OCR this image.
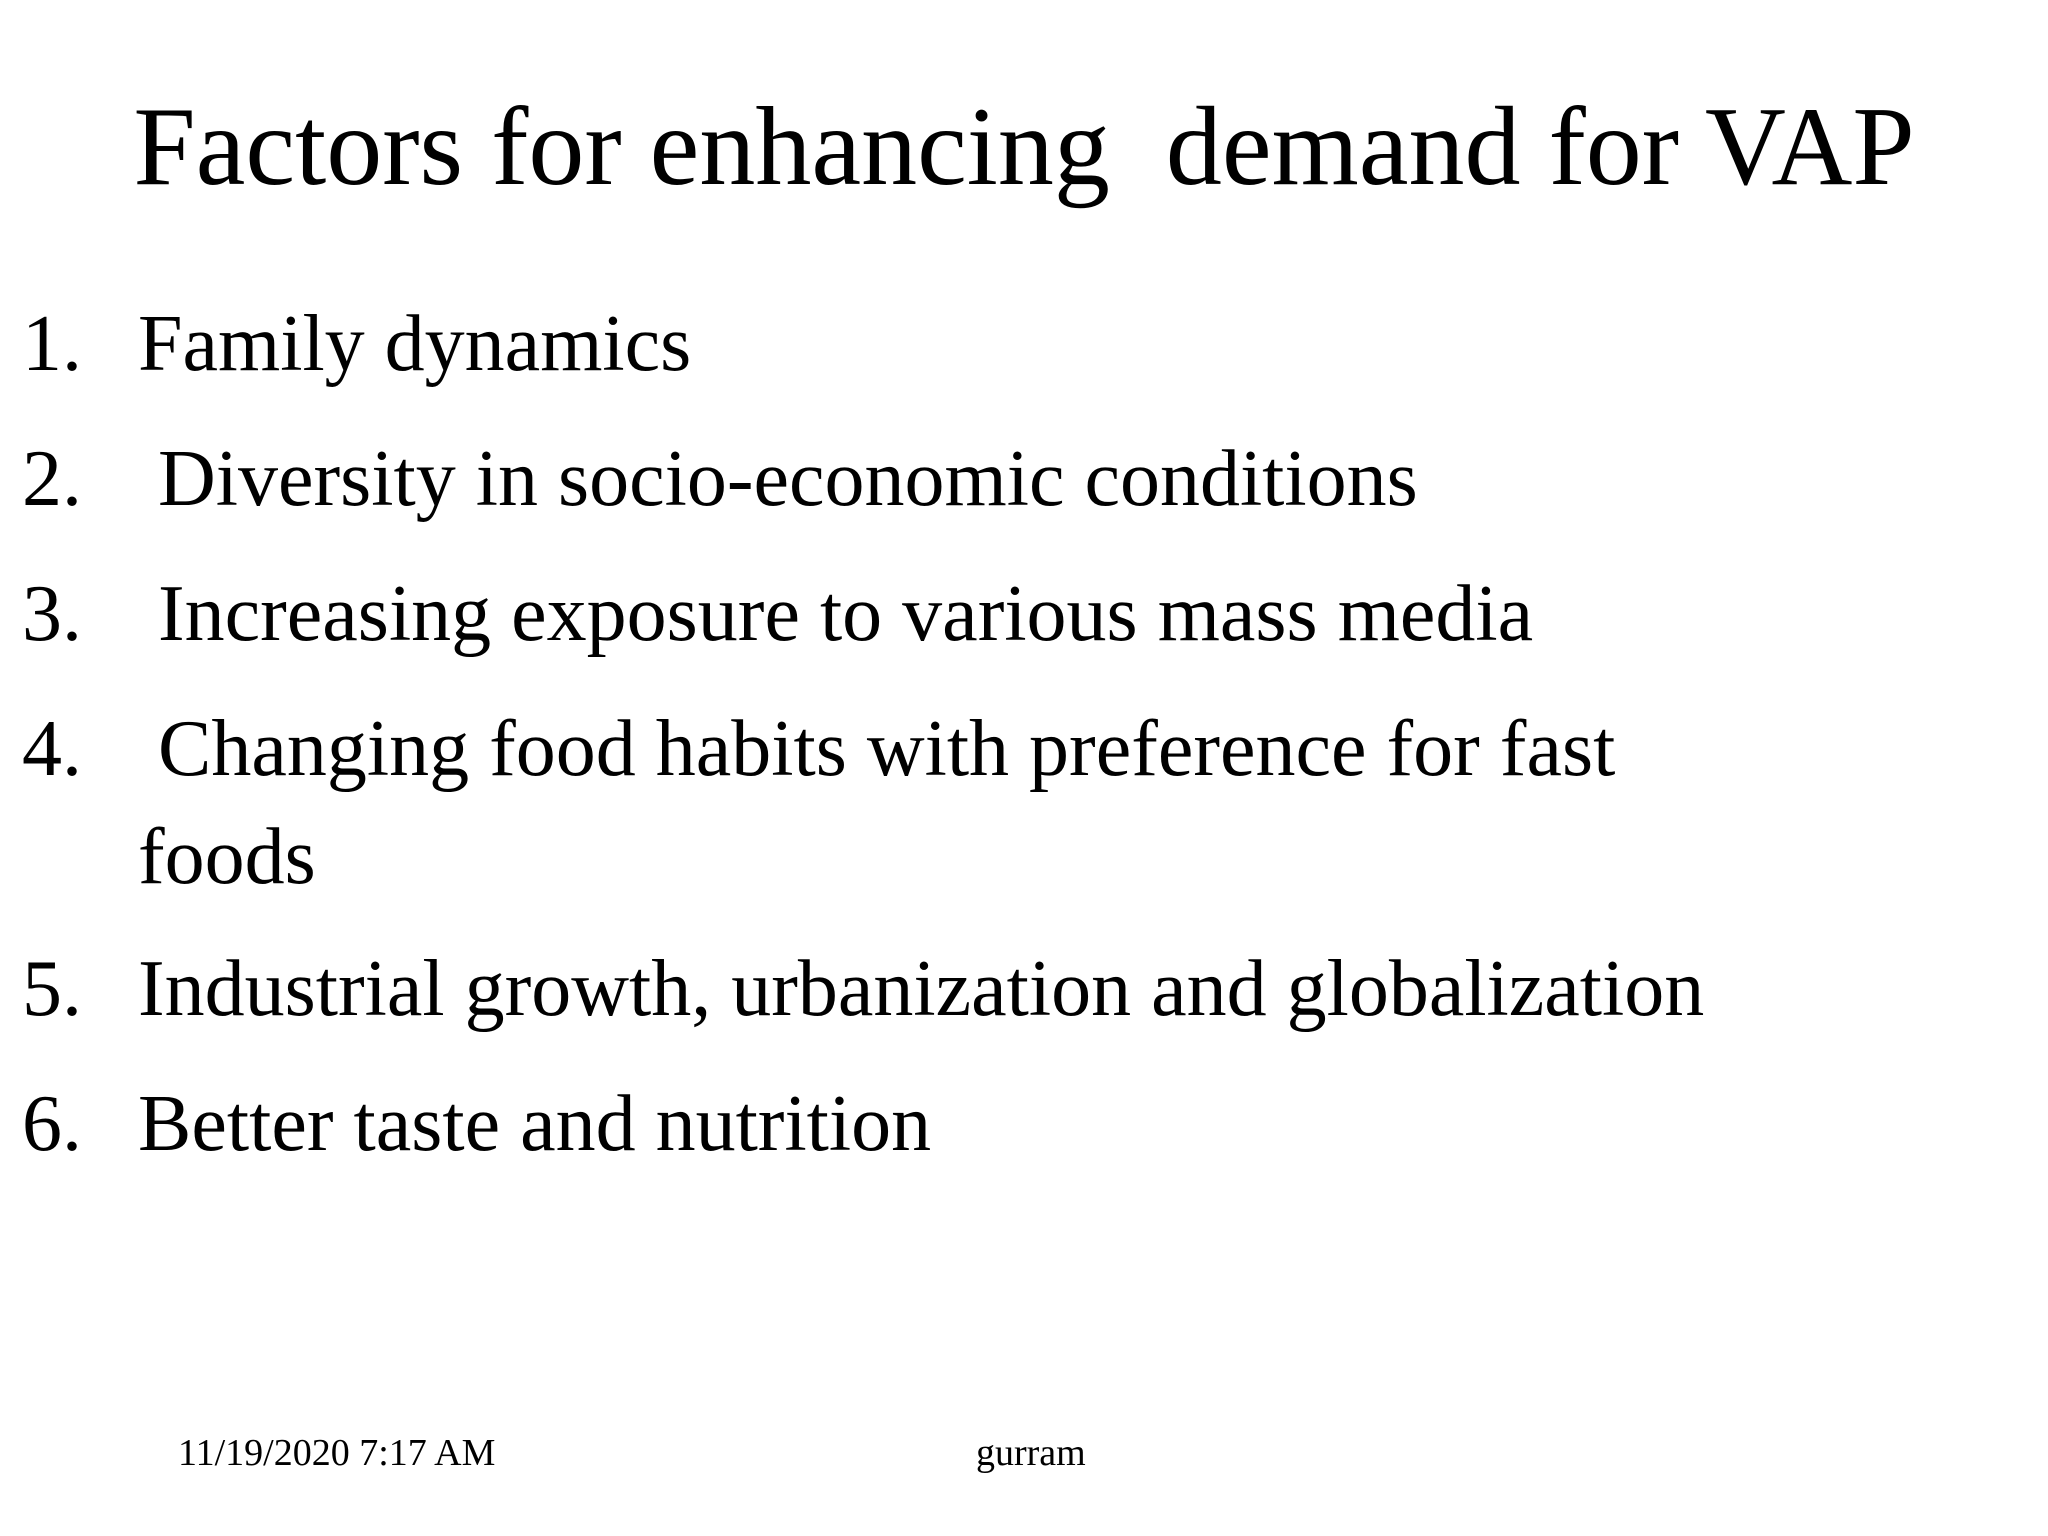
Factors for enhancing  demand for VAP
1. Family dynamics
2. Diversity in socio-economic conditions
3. Increasing exposure to various mass media
4. Changing food habits with preference for fast
foods
5. Industrial growth, urbanization and globalization
6. Better taste and nutrition
11/19/2020 7:17 AM	gurram
